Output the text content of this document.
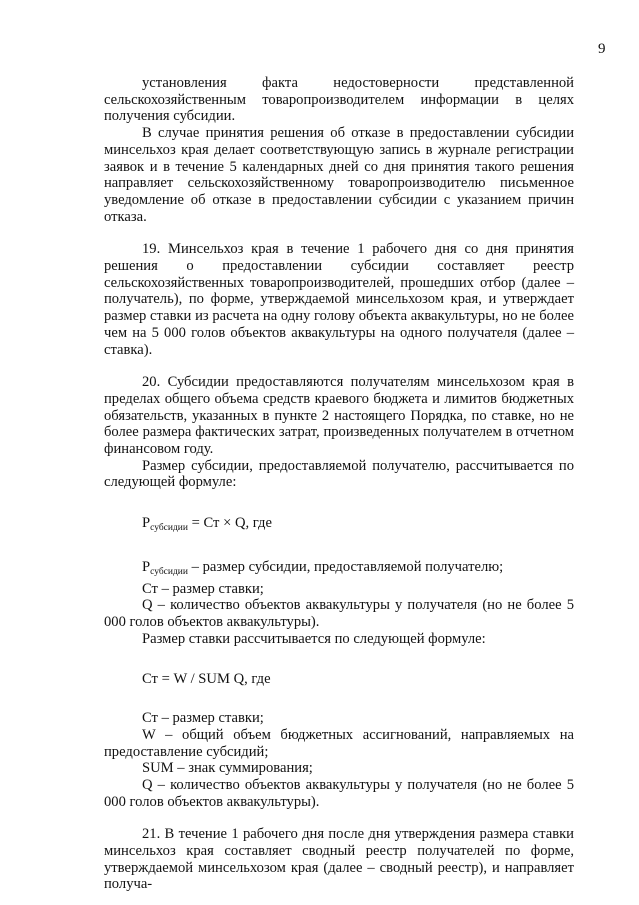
9

установления факта недостоверности представленной сельскохозяйственным товаропроизводителем информации в целях получения субсидии.

В случае принятия решения об отказе в предоставлении субсидии минсельхоз края делает соответствующую запись в журнале регистрации заявок и в течение 5 календарных дней со дня принятия такого решения направляет сельскохозяйственному товаропроизводителю письменное уведомление об отказе в предоставлении субсидии с указанием причин отказа.

19. Минсельхоз края в течение 1 рабочего дня со дня принятия решения о предоставлении субсидии составляет реестр сельскохозяйственных товаропроизводителей, прошедших отбор (далее – получатель), по форме, утверждаемой минсельхозом края, и утверждает размер ставки из расчета на одну голову объекта аквакультуры, но не более чем на 5 000 голов объектов аквакультуры на одного получателя (далее – ставка).

20. Субсидии предоставляются получателям минсельхозом края в пределах общего объема средств краевого бюджета и лимитов бюджетных обязательств, указанных в пункте 2 настоящего Порядка, по ставке, но не более размера фактических затрат, произведенных получателем в отчетном финансовом году.

Размер субсидии, предоставляемой получателю, рассчитывается по следующей формуле:

$Р_{субсидии}$ = Ст × Q, где

$Р_{субсидии}$ – размер субсидии, предоставляемой получателю;

Ст – размер ставки;

Q – количество объектов аквакультуры у получателя (но не более 5 000 голов объектов аквакультуры).

Размер ставки рассчитывается по следующей формуле:

Ст = W / SUM Q, где

Ст – размер ставки;

W – общий объем бюджетных ассигнований, направляемых на предоставление субсидий;

SUM – знак суммирования;

Q – количество объектов аквакультуры у получателя (но не более 5 000 голов объектов аквакультуры).

21. В течение 1 рабочего дня после дня утверждения размера ставки минсельхоз края составляет сводный реестр получателей по форме, утверждаемой минсельхозом края (далее – сводный реестр), и направляет получа-
